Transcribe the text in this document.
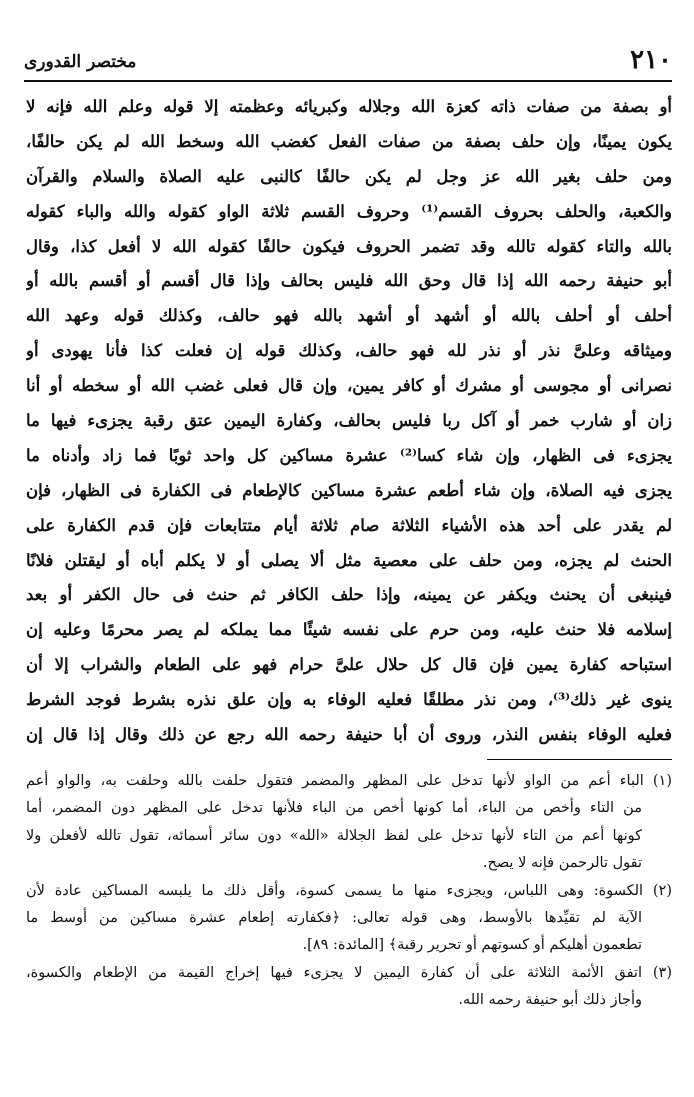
٢١٠
مختصر القدورى
أو بصفة من صفات ذاته كعزة الله وجلاله وكبريائه وعظمته إلا قوله وعلم الله فإنه لا
يكون يمينًا، وإن حلف بصفة من صفات الفعل كغضب الله وسخط الله لم يكن حالفًا،
ومن حلف بغير الله عز وجل لم يكن حالفًا كالنبى عليه الصلاة والسلام والقرآن
والكعبة، والحلف بحروف القسم⁽¹⁾ وحروف القسم ثلاثة الواو كقوله والله والباء كقوله
بالله والتاء كقوله تالله وقد تضمر الحروف فيكون حالفًا كقوله الله لا أفعل كذا، وقال
أبو حنيفة رحمه الله إذا قال وحق الله فليس بحالف وإذا قال أقسم أو أقسم بالله أو
أحلف أو أحلف بالله أو أشهد أو أشهد بالله فهو حالف، وكذلك قوله وعهد الله
وميثاقه وعلىَّ نذر أو نذر لله فهو حالف، وكذلك قوله إن فعلت كذا فأنا يهودى أو
نصرانى أو مجوسى أو مشرك أو كافر يمين، وإن قال فعلى غضب الله أو سخطه أو أنا
زان أو شارب خمر أو آكل ربا فليس بحالف، وكفارة اليمين عتق رقبة يجزىء فيها ما
يجزىء فى الظهار، وإن شاء كسا⁽²⁾ عشرة مساكين كل واحد ثوبًا فما زاد وأدناه ما
يجزى فيه الصلاة، وإن شاء أطعم عشرة مساكين كالإطعام فى الكفارة فى الظهار، فإن
لم يقدر على أحد هذه الأشياء الثلاثة صام ثلاثة أيام متتابعات فإن قدم الكفارة على
الحنث لم يجزه، ومن حلف على معصية مثل ألا يصلى أو لا يكلم أباه أو ليقتلن فلانًا
فينبغى أن يحنث ويكفر عن يمينه، وإذا حلف الكافر ثم حنث فى حال الكفر أو بعد
إسلامه فلا حنث عليه، ومن حرم على نفسه شيئًا مما يملكه لم يصر محرمًا وعليه إن
استباحه كفارة يمين فإن قال كل حلال علىَّ حرام فهو على الطعام والشراب إلا أن
ينوى غير ذلك⁽³⁾، ومن نذر مطلقًا فعليه الوفاء به وإن علق نذره بشرط فوجد الشرط
فعليه الوفاء بنفس النذر، وروى أن أبا حنيفة رحمه الله رجع عن ذلك وقال إذا قال إن
(١) الباء أعم من الواو لأنها تدخل على المظهر والمضمر فتقول حلفت بالله وحلفت به، والواو أعم
من التاء وأخص من الباء، أما كونها أخص من الباء فلأنها تدخل على المظهر دون المضمر، أما
كونها أعم من التاء لأنها تدخل على لفظ الجلالة «الله» دون سائر أسمائه، تقول تالله لأفعلن ولا
تقول تالرحمن فإنه لا يصح.
(٢) الكسوة: وهى اللباس، ويجزىء منها ما يسمى كسوة، وأقل ذلك ما يلبسه المساكين عادة لأن
الآية لم تقيِّدها بالأوسط، وهى قوله تعالى: ﴿فكفارته إطعام عشرة مساكين من أوسط ما
تطعمون أهليكم أو كسوتهم أو تحرير رقبة﴾ [المائدة: ٨٩].
(٣) اتفق الأئمة الثلاثة على أن كفارة اليمين لا يجزىء فيها إخراج القيمة من الإطعام والكسوة،
وأجاز ذلك أبو حنيفة رحمه الله.
